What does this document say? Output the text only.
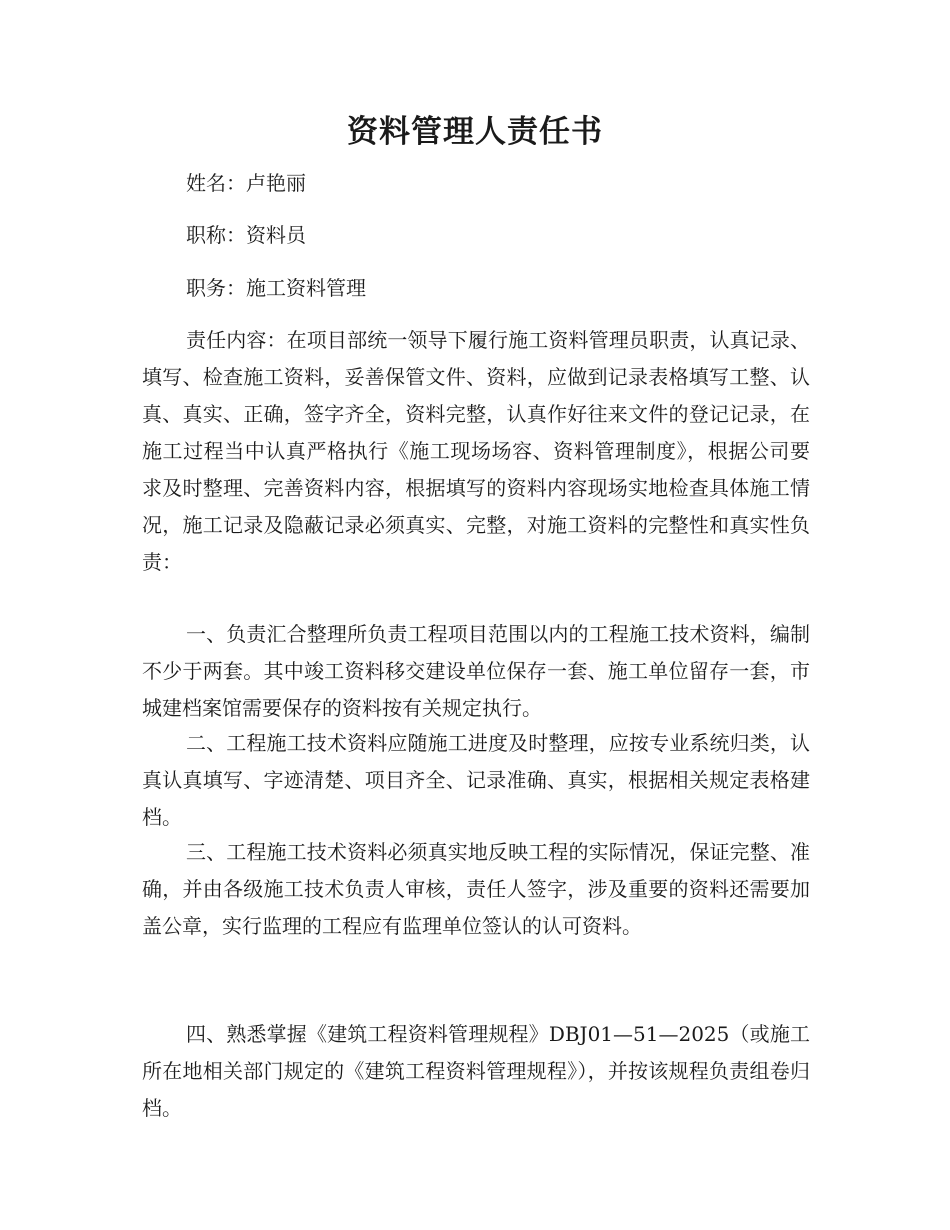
资料管理人责任书
姓名：卢艳丽
职称：资料员
职务：施工资料管理

责任内容：在项目部统一领导下履行施工资料管理员职责，认真记录、填写、检查施工资料，妥善保管文件、资料，应做到记录表格填写工整、认真、真实、正确，签字齐全，资料完整，认真作好往来文件的登记记录，在施工过程当中认真严格执行《施工现场场容、资料管理制度》，根据公司要求及时整理、完善资料内容，根据填写的资料内容现场实地检查具体施工情况，施工记录及隐蔽记录必须真实、完整，对施工资料的完整性和真实性负责：

一、负责汇合整理所负责工程项目范围以内的工程施工技术资料，编制不少于两套。其中竣工资料移交建设单位保存一套、施工单位留存一套，市城建档案馆需要保存的资料按有关规定执行。

二、工程施工技术资料应随施工进度及时整理，应按专业系统归类，认真认真填写、字迹清楚、项目齐全、记录准确、真实，根据相关规定表格建档。

三、工程施工技术资料必须真实地反映工程的实际情况，保证完整、准确，并由各级施工技术负责人审核，责任人签字，涉及重要的资料还需要加盖公章，实行监理的工程应有监理单位签认的认可资料。

四、熟悉掌握《建筑工程资料管理规程》DBJ01—51—2025（或施工所在地相关部门规定的《建筑工程资料管理规程》），并按该规程负责组卷归档。
